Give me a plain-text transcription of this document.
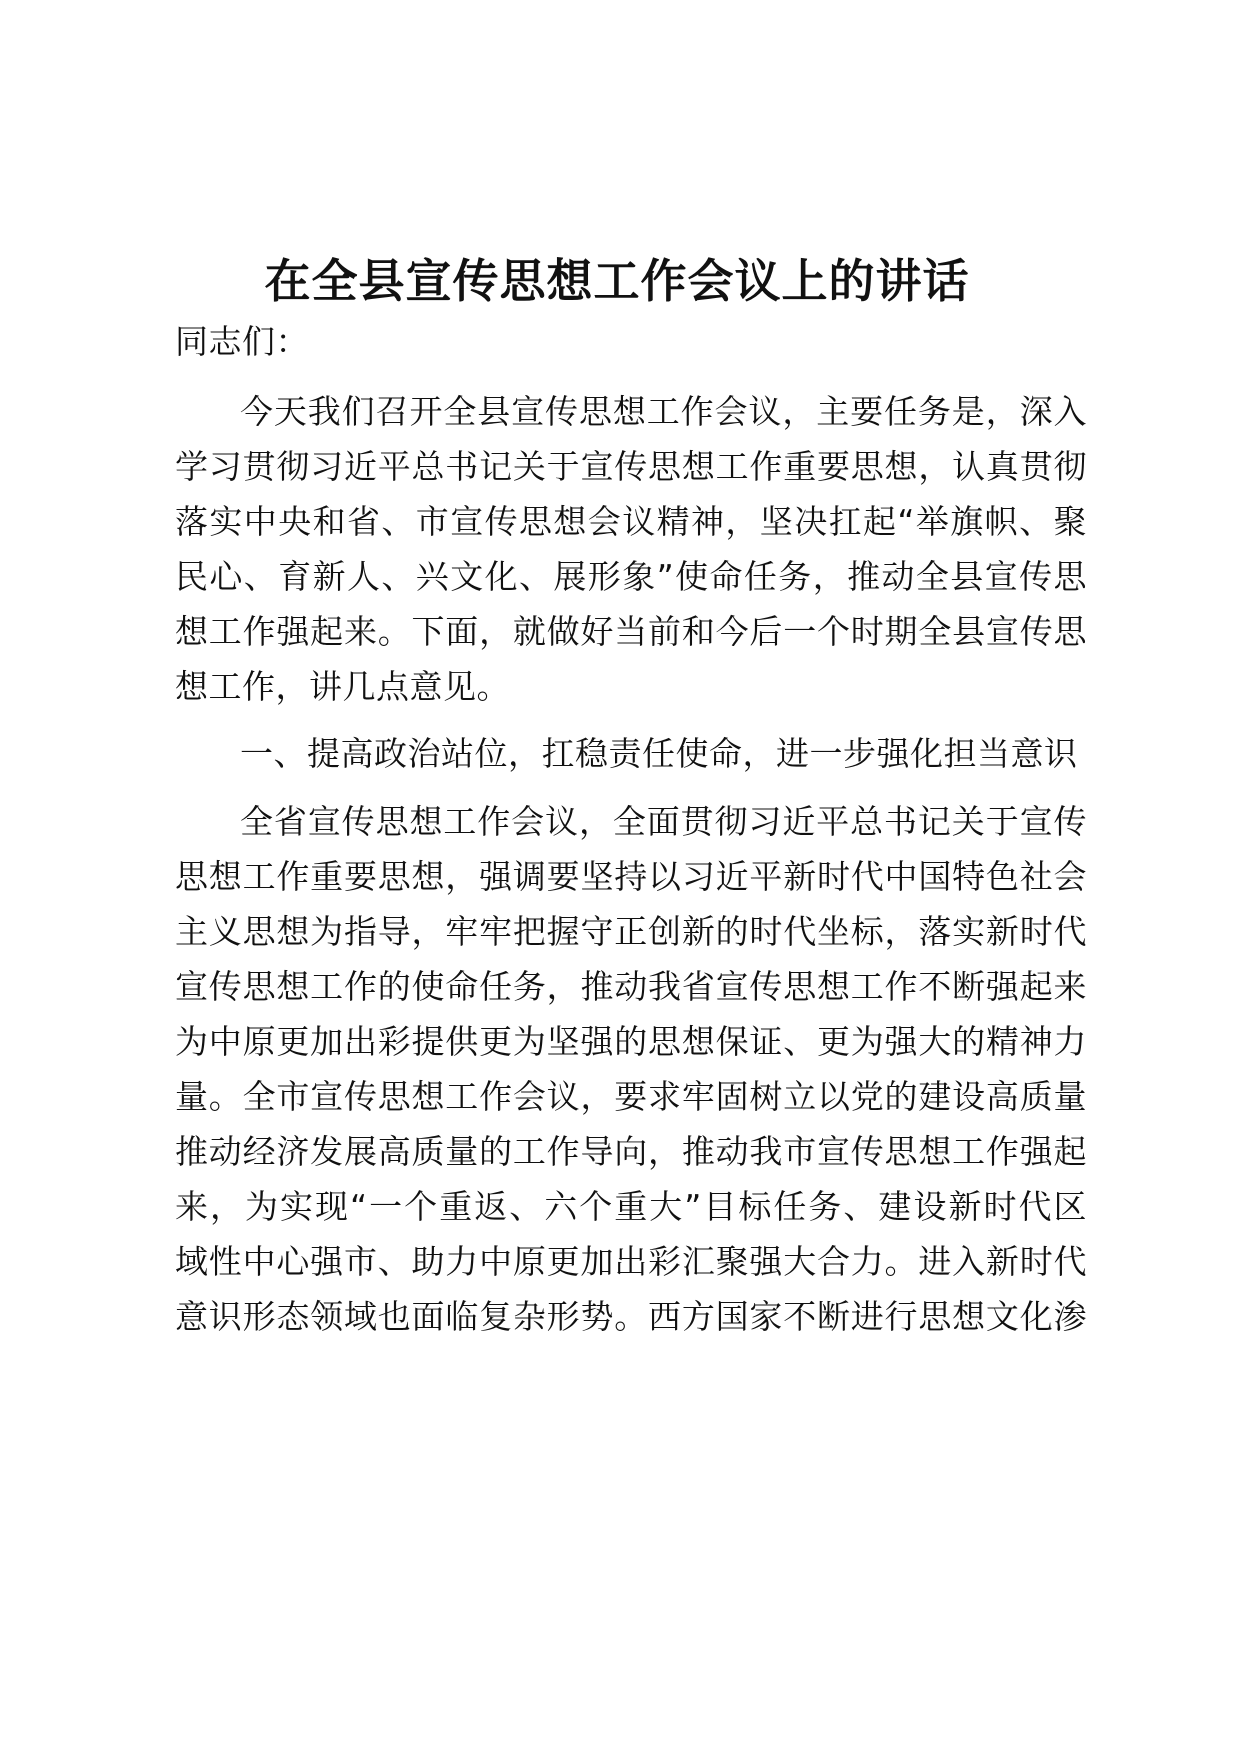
在全县宣传思想工作会议上的讲话
同志们：
今天我们召开全县宣传思想工作会议，主要任务是，深入
学习贯彻习近平总书记关于宣传思想工作重要思想，认真贯彻
落实中央和省、市宣传思想会议精神，坚决扛起“举旗帜、聚
民心、育新人、兴文化、展形象”使命任务，推动全县宣传思
想工作强起来。下面，就做好当前和今后一个时期全县宣传思
想工作，讲几点意见。
一、提高政治站位，扛稳责任使命，进一步强化担当意识
全省宣传思想工作会议，全面贯彻习近平总书记关于宣传
思想工作重要思想，强调要坚持以习近平新时代中国特色社会
主义思想为指导，牢牢把握守正创新的时代坐标，落实新时代
宣传思想工作的使命任务，推动我省宣传思想工作不断强起来
为中原更加出彩提供更为坚强的思想保证、更为强大的精神力
量。全市宣传思想工作会议，要求牢固树立以党的建设高质量
推动经济发展高质量的工作导向，推动我市宣传思想工作强起
来，为实现“一个重返、六个重大”目标任务、建设新时代区
域性中心强市、助力中原更加出彩汇聚强大合力。进入新时代
意识形态领域也面临复杂形势。西方国家不断进行思想文化渗
